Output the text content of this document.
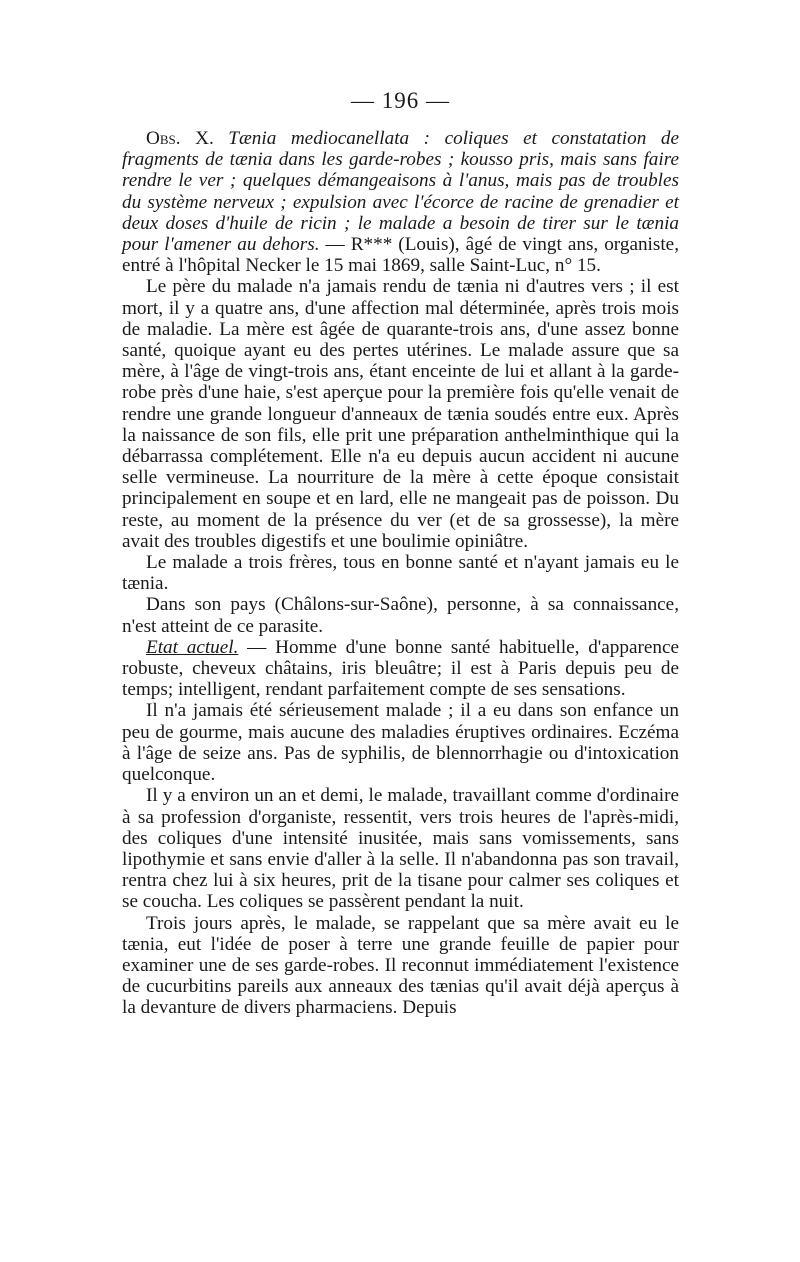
— 196 —

Obs. X. Tænia mediocanellata : coliques et constatation de fragments de tænia dans les garde-robes ; kousso pris, mais sans faire rendre le ver ; quelques démangeaisons à l'anus, mais pas de troubles du système nerveux ; expulsion avec l'écorce de racine de grenadier et deux doses d'huile de ricin ; le malade a besoin de tirer sur le tænia pour l'amener au dehors. — R*** (Louis), âgé de vingt ans, organiste, entré à l'hôpital Necker le 15 mai 1869, salle Saint-Luc, n° 15.

Le père du malade n'a jamais rendu de tænia ni d'autres vers ; il est mort, il y a quatre ans, d'une affection mal déterminée, après trois mois de maladie. La mère est âgée de quarante-trois ans, d'une assez bonne santé, quoique ayant eu des pertes utérines. Le malade assure que sa mère, à l'âge de vingt-trois ans, étant enceinte de lui et allant à la garde-robe près d'une haie, s'est aperçue pour la première fois qu'elle venait de rendre une grande longueur d'anneaux de tænia soudés entre eux. Après la naissance de son fils, elle prit une préparation anthelminthique qui la débarrassa complétement. Elle n'a eu depuis aucun accident ni aucune selle vermineuse. La nourriture de la mère à cette époque consistait principalement en soupe et en lard, elle ne mangeait pas de poisson. Du reste, au moment de la présence du ver (et de sa grossesse), la mère avait des troubles digestifs et une boulimie opiniâtre.

Le malade a trois frères, tous en bonne santé et n'ayant jamais eu le tænia.

Dans son pays (Châlons-sur-Saône), personne, à sa connaissance, n'est atteint de ce parasite.

Etat actuel. — Homme d'une bonne santé habituelle, d'apparence robuste, cheveux châtains, iris bleuâtre; il est à Paris depuis peu de temps; intelligent, rendant parfaitement compte de ses sensations.

Il n'a jamais été sérieusement malade ; il a eu dans son enfance un peu de gourme, mais aucune des maladies éruptives ordinaires. Eczéma à l'âge de seize ans. Pas de syphilis, de blennorrhagie ou d'intoxication quelconque.

Il y a environ un an et demi, le malade, travaillant comme d'ordinaire à sa profession d'organiste, ressentit, vers trois heures de l'après-midi, des coliques d'une intensité inusitée, mais sans vomissements, sans lipothymie et sans envie d'aller à la selle. Il n'abandonna pas son travail, rentra chez lui à six heures, prit de la tisane pour calmer ses coliques et se coucha. Les coliques se passèrent pendant la nuit.

Trois jours après, le malade, se rappelant que sa mère avait eu le tænia, eut l'idée de poser à terre une grande feuille de papier pour examiner une de ses garde-robes. Il reconnut immédiatement l'existence de cucurbitins pareils aux anneaux des tænias qu'il avait déjà aperçus à la devanture de divers pharmaciens. Depuis
